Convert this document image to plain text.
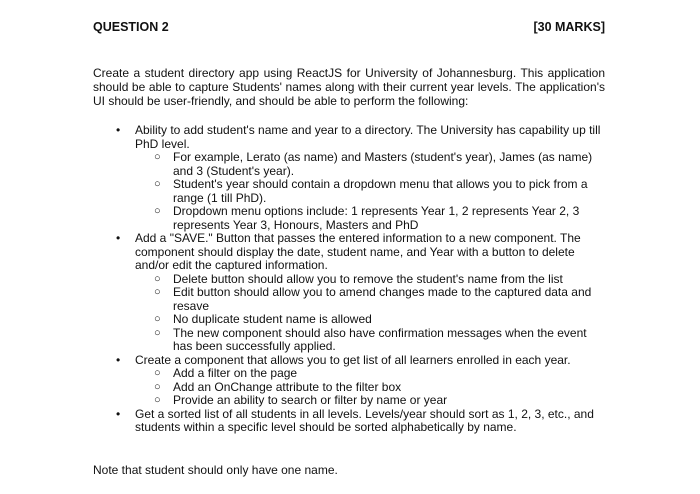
QUESTION 2	[30 MARKS]
Create a student directory app using ReactJS for University of Johannesburg. This application should be able to capture Students' names along with their current year levels. The application's UI should be user-friendly, and should be able to perform the following:
• Ability to add student's name and year to a directory. The University has capability up till PhD level.
○ For example, Lerato (as name) and Masters (student's year), James (as name) and 3 (Student's year).
○ Student's year should contain a dropdown menu that allows you to pick from a range (1 till PhD).
○ Dropdown menu options include: 1 represents Year 1, 2 represents Year 2, 3 represents Year 3, Honours, Masters and PhD
• Add a "SAVE." Button that passes the entered information to a new component. The component should display the date, student name, and Year with a button to delete and/or edit the captured information.
○ Delete button should allow you to remove the student's name from the list
○ Edit button should allow you to amend changes made to the captured data and resave
○ No duplicate student name is allowed
○ The new component should also have confirmation messages when the event has been successfully applied.
• Create a component that allows you to get list of all learners enrolled in each year.
○ Add a filter on the page
○ Add an OnChange attribute to the filter box
○ Provide an ability to search or filter by name or year
• Get a sorted list of all students in all levels. Levels/year should sort as 1, 2, 3, etc., and students within a specific level should be sorted alphabetically by name.
Note that student should only have one name.
